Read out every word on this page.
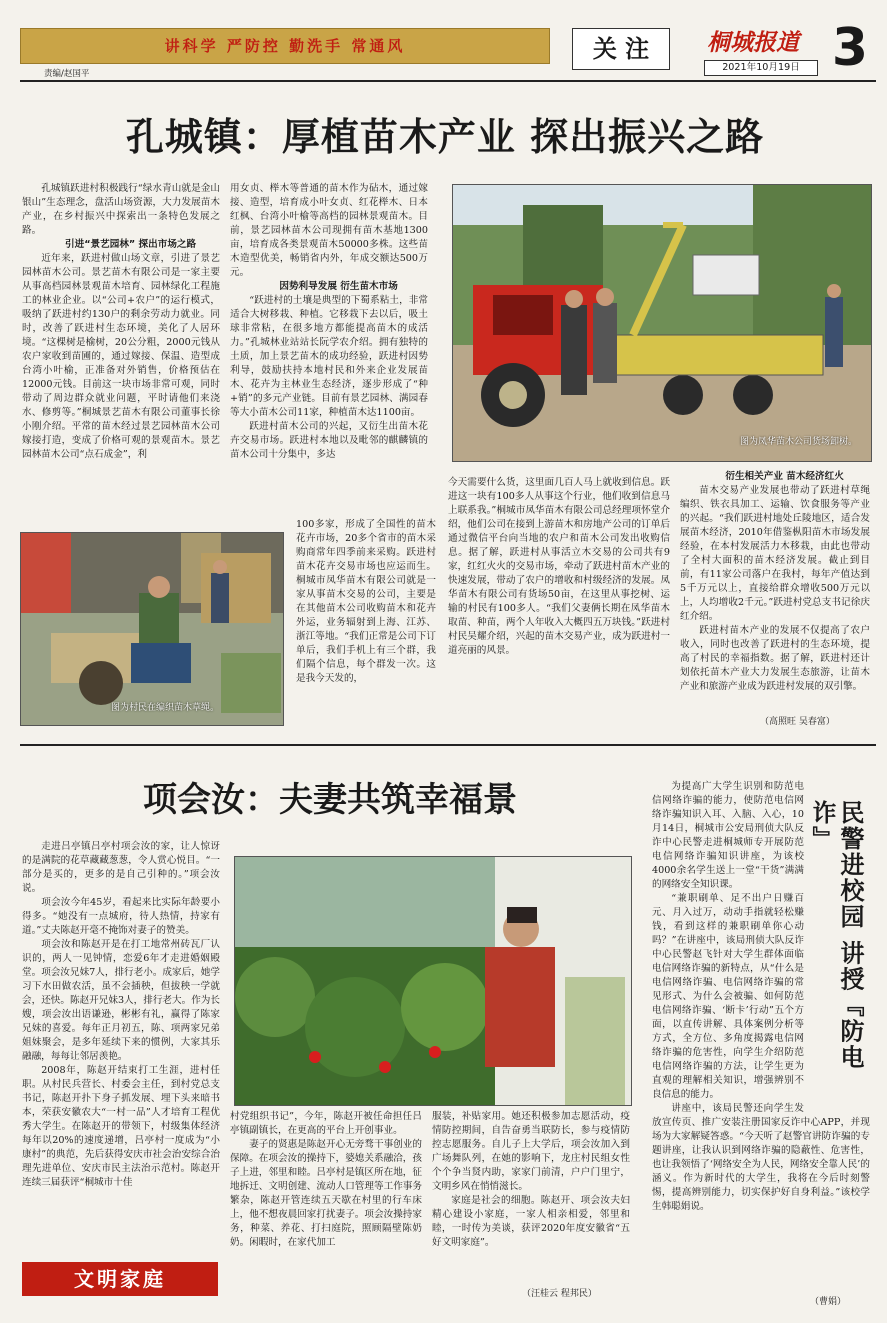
讲科学 严防控 勤洗手 常通风	关 注	桐城报道
2021年10月19日 3
责编/赵国平
孔城镇：厚植苗木产业 探出振兴之路

孔城镇跃进村积极践行“绿水青山就是金山银山”生态理念，盘活山场资源，大力发展苗木产业，在乡村振兴中探索出一条特色发展之路。

引进“景艺园林” 探出市场之路

近年来，跃进村做山场文章，引进了景艺园林苗木公司。景艺苗木有限公司是一家主要从事高档园林景观苗木培育、园林绿化工程施工的林业企业。以“公司+农户”的运行模式，吸纳了跃进村约130户的剩余劳动力就业。同时，改善了跃进村生态环境，美化了人居环境。“这棵树是榆树，20公分粗，2000元钱从农户家收到苗圃的，通过嫁接、保温、造型成台湾小叶榆，正准备对外销售，价格预估在12000元钱。目前这一块市场非常可观，同时带动了周边群众就业问题，平时请他们来浇水、修剪等。”桐城景艺苗木有限公司董事长徐小刚介绍。平常的苗木经过景艺园林苗木公司嫁接打造，变成了价格可观的景观苗木。景艺园林苗木公司“点石成金”，利

用女贞、榉木等普通的苗木作为砧木，通过嫁接、造型，培育成小叶女贞、红花榉木、日本红枫、台湾小叶榆等高档的园林景观苗木。目前，景艺园林苗木公司现拥有苗木基地1300亩，培育成各类景观苗木50000多株。这些苗木造型优美，畅销省内外，年成交额达500万元。

因势利导发展 衍生苗木市场

“跃进村的土壤是典型的下蜀系粘土，非常适合大树移栽、种植。它移栽下去以后，吸土球非常粘，在很多地方都能提高苗木的成活力。”孔城林业站站长阮学农介绍。拥有独特的土质，加上景艺苗木的成功经验，跃进村因势利导，鼓励扶持本地村民和外来企业发展苗木、花卉为主林业生态经济，逐步形成了“种+销”的多元产业链。目前有景艺园林、满园春等大小苗木公司11家，种植苗木达1100亩。

跃进村苗木公司的兴起，又衍生出苗木花卉交易市场。跃进村本地以及毗邻的麒麟镇的苗木公司十分集中，多达

100多家，形成了全国性的苗木花卉市场，20多个省市的苗木采购商常年四季前来采购。跃进村苗木花卉交易市场也应运而生。桐城市凤华苗木有限公司就是一家从事苗木交易的公司，主要是在其他苗木公司收购苗木和花卉外运，业务辐射到上海、江苏、浙江等地。“我们正常是公司下订单后，我们手机上有三个群，我们隔个信息，每个群发一次。这是我今天发的，

今天需要什么货，这里面几百人马上就收到信息。跃进这一块有100多人从事这个行业，他们收到信息马上联系我。”桐城市凤华苗木有限公司总经理项怀堂介绍，他们公司在接到上游苗木和房地产公司的订单后通过微信平台向当地的农户和苗木公司发出收购信息。据了解，跃进村从事活立木交易的公司共有9家，红红火火的交易市场，牵动了跃进村苗木产业的快速发展，带动了农户的增收和村级经济的发展。凤华苗木有限公司有货场50亩，在这里从事挖树、运输的村民有100多人。“我们父妻俩长期在凤华苗木取苗、种苗，两个人年收入大概四五万块钱。”跃进村村民吴耀介绍，兴起的苗木交易产业，成为跃进村一道亮丽的风景。

衍生相关产业 苗木经济红火

苗木交易产业发展也带动了跃进村草绳编织、铁衣具加工、运输、饮食服务等产业的兴起。“我们跃进村地处丘陵地区，适合发展苗木经济，2010年借鉴枞阳苗木市场发展经验，在本村发展活力木移栽，由此也带动了全村大面积的苗木经济发展。截止到目前，有11家公司落户在我村，每年产值达到5千万元以上，直接给群众增收500万元以上，人均增收2千元。”跃进村党总支书记徐庆红介绍。

跃进村苗木产业的发展不仅提高了农户收入，同时也改善了跃进村的生态环境，提高了村民的幸福指数。据了解，跃进村还计划依托苗木产业大力发展生态旅游，让苗木产业和旅游产业成为跃进村发展的双引擎。

图为凤华苗木公司货场卸树。
图为村民在编织苗木草绳。
（高照旺 吴春富）
项会汝：夫妻共筑幸福景

走进吕亭镇吕亭村项会汝的家，让人惊讶的是满院的花草藏藏葱葱，令人赏心悦目。“一部分是买的，更多的是自己引种的。”项会汝说。

项会汝今年45岁，看起来比实际年龄要小得多。“她没有一点城府，待人热情，持家有道。”丈夫陈赵开毫不掩饰对妻子的赞美。

项会汝和陈赵开是在打工地常州砖瓦厂认识的，两人一见钟情，恋爱6年才走进婚姻殿堂。项会汝兄妹7人，排行老小。成家后，她学习下水田做农活，虽不会插秧，但拔秧一学就会，还快。陈赵开兄妹3人，排行老大。作为长嫂，项会汝出语谦逊，彬彬有礼，赢得了陈家兄妹的喜爱。每年正月初五，陈、项两家兄弟姐妹聚会，是多年延续下来的惯例，大家其乐融融，每每让邻居羡艳。

2008年，陈赵开结束打工生涯，进村任职。从村民兵营长、村委会主任，到村党总支书记，陈赵开扑下身子抓发展、埋下头来暗书本，荣获安徽农大“一村一品”人才培育工程优秀大学生。在陈赵开的带领下，村级集体经济每年以20%的速度递增，吕亭村一度成为“小康村”的典范，先后获得安庆市社会治安综合治理先进单位、安庆市民主法治示范村。陈赵开连续三届获评“桐城市十佳

村党组织书记”，今年，陈赵开被任命担任吕亭镇副镇长，在更高的平台上开创事业。

妻子的贤惠是陈赵开心无旁骛干事创业的保障。在项会汝的操持下，婆媳关系融洽，孩子上进，邻里和睦。吕亭村是镇区所在地，征地拆迁、文明创建、流动人口管理等工作事务繁杂，陈赵开管连续五天歇在村里的行车床上，他不想夜晨回家打扰妻子。项会汝操持家务，种菜、养花、打扫庭院，照顾隔壁陈奶奶。闲暇时，在家代加工

服装，补贴家用。她还积极参加志愿活动，疫情防控期间，自告奋勇当联防长，参与疫情防控志愿服务。自儿子上大学后，项会汝加入到广场舞队列，在她的影响下，龙庄村民组女性个个争当贤内助，家家门前清，户户门里宁，文明乡风在悄悄滋长。

家庭是社会的细胞。陈赵开、项会汝夫妇精心建设小家庭，一家人相亲相爱，邻里和睦，一时传为美谈，获评2020年度安徽省“五好文明家庭”。

（汪桂云 程邦民）
文明家庭
民警进校园 讲授『防电诈』

为提高广大学生识别和防范电信网络诈骗的能力，使防范电信网络诈骗知识入耳、入脑、入心，10月14日，桐城市公安局刑侦大队反诈中心民警走进桐城师专开展防范电信网络诈骗知识讲座，为该校4000余名学生送上一堂“干货”满满的网络安全知识课。

“兼职刷单、足不出户日赚百元、月入过万，动动手指就轻松赚钱，看到这样的兼职刷单你心动吗？”在讲座中，该局刑侦大队反诈中心民警赵飞针对大学生群体面临电信网络诈骗的新特点，从“什么是电信网络诈骗、电信网络诈骗的常见形式、为什么会被骗、如何防范电信网络诈骗、‘断卡’行动”五个方面，以直传讲解、具体案例分析等方式，全方位、多角度揭露电信网络诈骗的危害性，向学生介绍防范电信网络诈骗的方法，让学生更为直观的理解相关知识，增强辨别不良信息的能力。

讲座中，该局民警还向学生发放宣传页、推广安装注册国家反诈中心APP，并现场为大家解疑答惑。“今天听了赵警官讲防诈骗的专题讲座，让我认识到网络诈骗的隐蔽性、危害性，也让我领悟了‘网络安全为人民，网络安全靠人民’的涵义。作为新时代的大学生，我将在今后时刻警惕，提高辨别能力，切实保护好自身利益。”该校学生韩聪娟说。

（曹娟）
